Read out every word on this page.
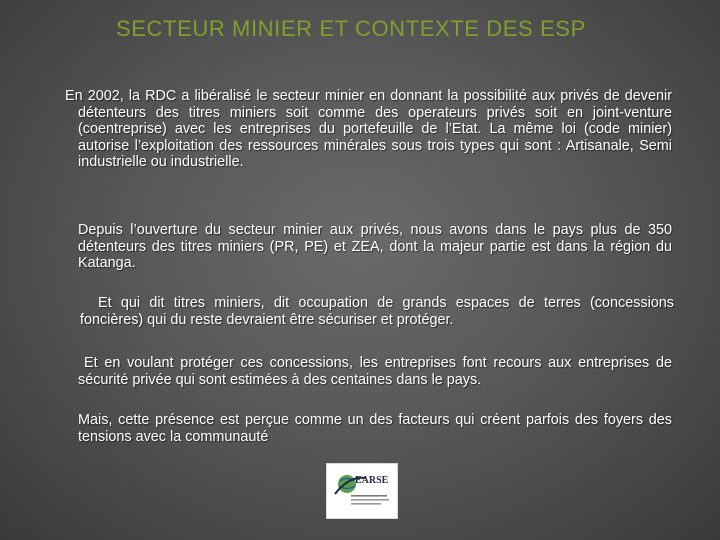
SECTEUR MINIER ET CONTEXTE DES ESP

En 2002, la RDC a libéralisé le secteur minier en donnant la possibilité aux privés de devenir détenteurs des titres miniers soit comme des operateurs privés soit en joint-venture (coentreprise) avec les entreprises du portefeuille de l’Etat. La même loi (code minier) autorise l’exploitation des ressources minérales sous trois types qui sont : Artisanale, Semi industrielle ou industrielle.

Depuis l’ouverture du secteur minier aux privés, nous avons dans le pays plus de 350 détenteurs des titres miniers (PR, PE) et ZEA, dont la majeur partie est dans la région du Katanga.

Et qui dit titres miniers, dit occupation de grands espaces de terres (concessions foncières) qui du reste devraient être sécuriser et protéger.

Et en voulant protéger ces concessions, les entreprises font recours aux entreprises de sécurité privée qui sont estimées à des centaines dans le pays.

Mais, cette présence est perçue comme un des facteurs qui créent parfois des foyers des tensions avec la communauté

EARSE
